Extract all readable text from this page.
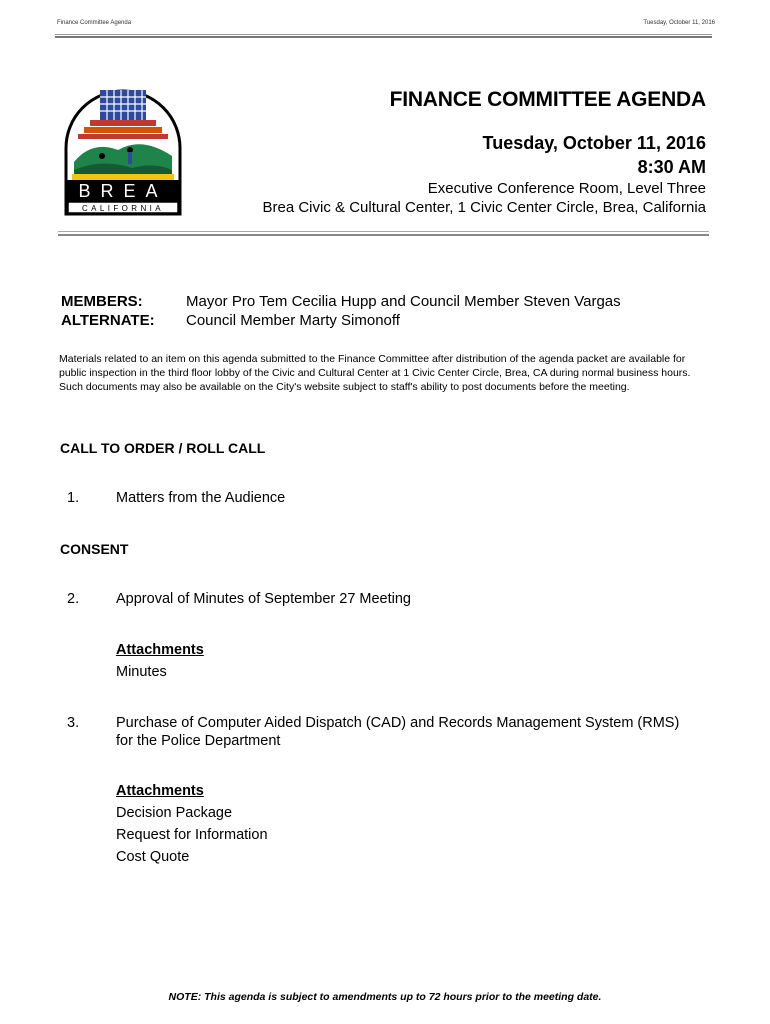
Finance Committee Agenda	Tuesday, October 11, 2016
BREA
CALIFORNIA
FINANCE COMMITTEE AGENDA
Tuesday, October 11, 2016
8:30 AM
Executive Conference Room, Level Three
Brea Civic & Cultural Center, 1 Civic Center Circle, Brea, California
MEMBERS:	Mayor Pro Tem Cecilia Hupp and Council Member Steven Vargas
ALTERNATE: Council Member Marty Simonoff
Materials related to an item on this agenda submitted to the Finance Committee after distribution of the agenda packet are available for public inspection in the third floor lobby of the Civic and Cultural Center at 1 Civic Center Circle, Brea, CA during normal business hours. Such documents may also be available on the City's website subject to staff's ability to post documents before the meeting.
CALL TO ORDER / ROLL CALL
1.	Matters from the Audience
CONSENT
2.	Approval of Minutes of September 27 Meeting
Attachments
Minutes
3.	Purchase of Computer Aided Dispatch (CAD) and Records Management System (RMS) for the Police Department
Attachments
Decision Package
Request for Information
Cost Quote
NOTE: This agenda is subject to amendments up to 72 hours prior to the meeting date.
